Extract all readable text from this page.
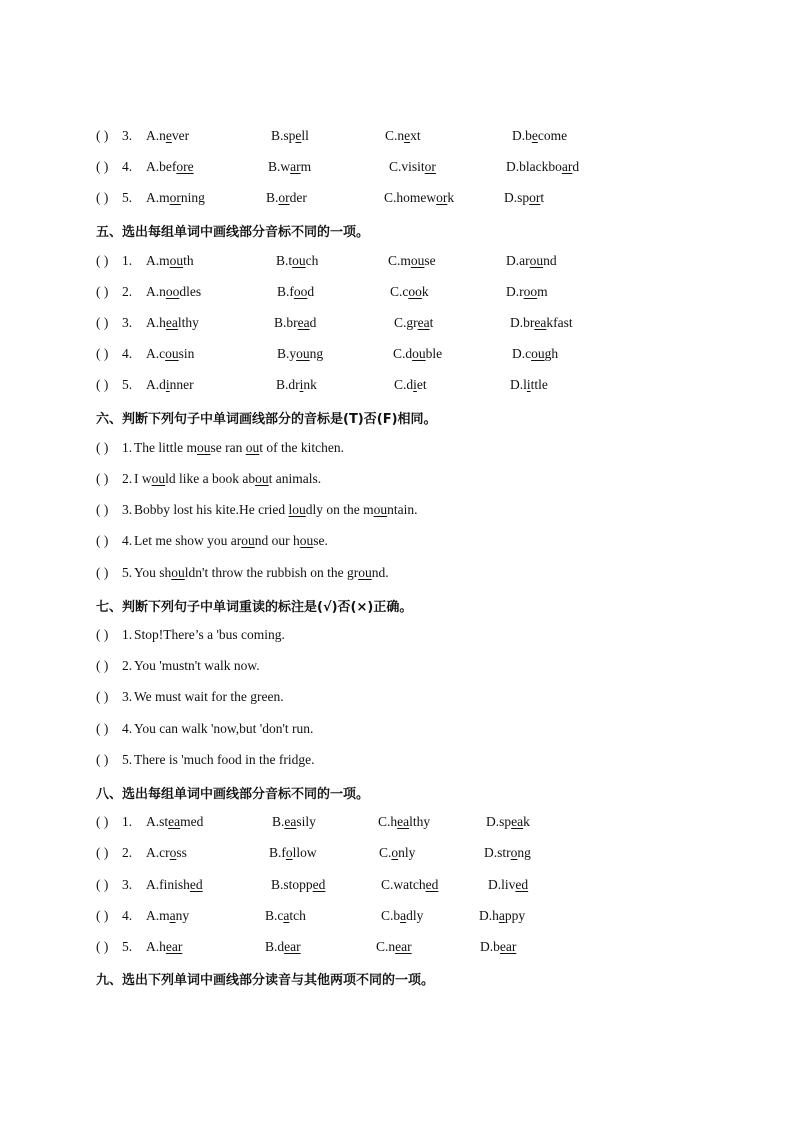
( ) 3. A.never	B.spell	C.next	D.become
( ) 4. A.before	B.warm	C.visitor	D.blackboard
( ) 5. A.morning	B.order	C.homework	D.sport
五、选出每组单词中画线部分音标不同的一项。
( ) 1. A.mouth	B.touch	C.mouse	D.around
( ) 2. A.noodles	B.food	C.cook	D.room
( ) 3. A.healthy	B.bread	C.great	D.breakfast
( ) 4. A.cousin	B.young	C.double	D.cough
( ) 5. A.dinner	B.drink	C.diet	D.little
六、判断下列句子中单词画线部分的音标是(T)否(F)相同。
( ) 1. The little mouse ran out of the kitchen.
( ) 2. I would like a book about animals.
( ) 3. Bobby lost his kite.He cried loudly on the mountain.
( ) 4. Let me show you around our house.
( ) 5. You shouldn't throw the rubbish on the ground.
七、判断下列句子中单词重读的标注是(√)否(×)正确。
( ) 1. Stop!There’s a 'bus coming.
( ) 2. You 'mustn't walk now.
( ) 3. We must wait for the green.
( ) 4. You can walk 'now,but 'don't run.
( ) 5. There is 'much food in the fridge.
八、选出每组单词中画线部分音标不同的一项。
( ) 1. A.steamed	B.easily	C.healthy	D.speak
( ) 2. A.cross	B.follow	C.only	D.strong
( ) 3. A.finished	B.stopped	C.watched	D.lived
( ) 4. A.many	B.catch	C.badly	D.happy
( ) 5. A.hear	B.dear	C.near	D.bear
九、选出下列单词中画线部分读音与其他两项不同的一项。
